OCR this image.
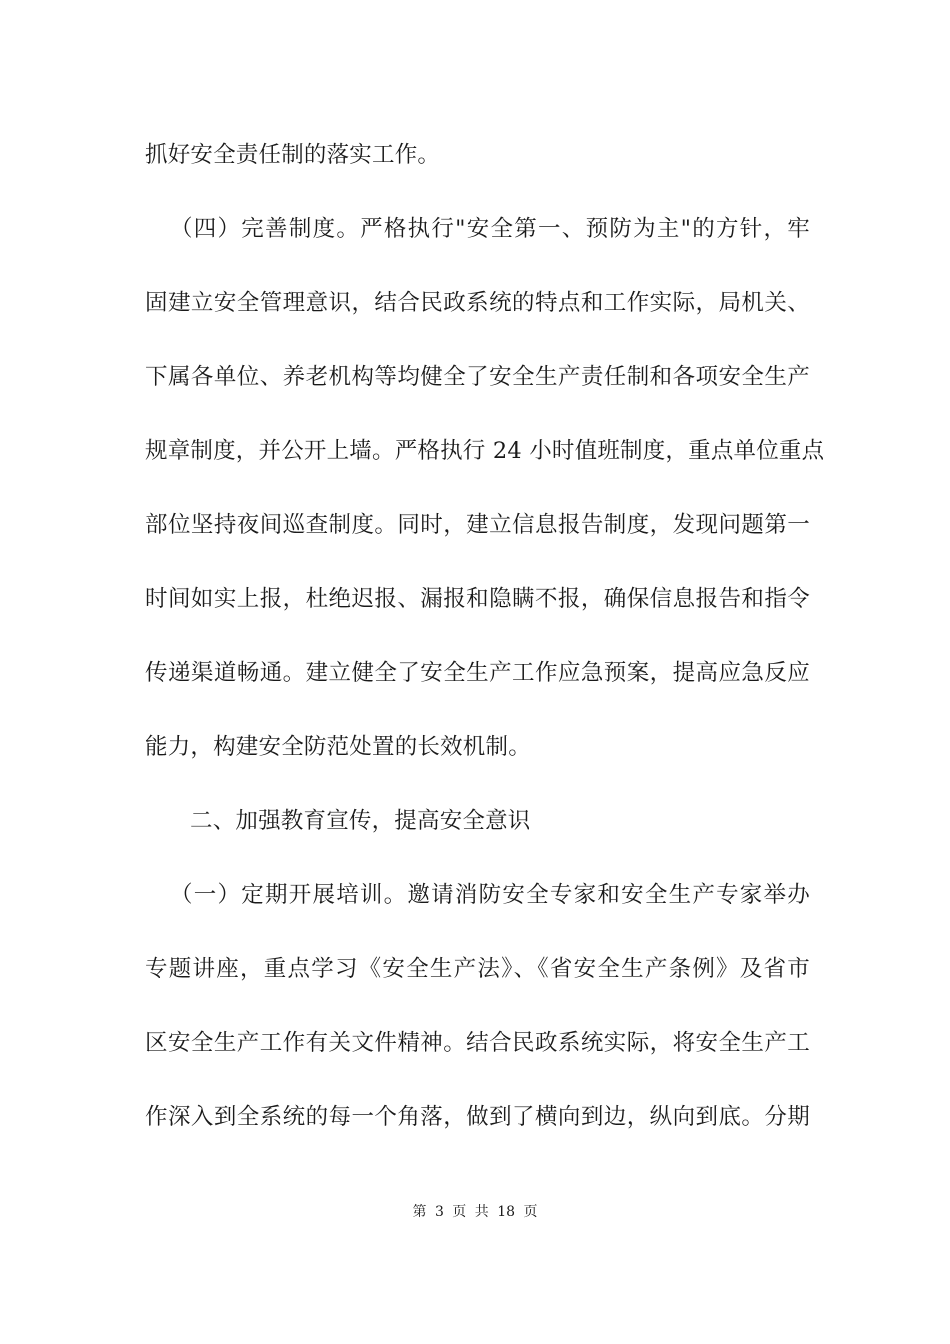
抓好安全责任制的落实工作。
（四）完善制度。严格执行"安全第一、预防为主"的方针，牢
固建立安全管理意识，结合民政系统的特点和工作实际，局机关、
下属各单位、养老机构等均健全了安全生产责任制和各项安全生产
规章制度，并公开上墙。严格执行 24 小时值班制度，重点单位重点
部位坚持夜间巡查制度。同时，建立信息报告制度，发现问题第一
时间如实上报，杜绝迟报、漏报和隐瞒不报，确保信息报告和指令
传递渠道畅通。建立健全了安全生产工作应急预案，提高应急反应
能力，构建安全防范处置的长效机制。
二、加强教育宣传，提高安全意识
（一）定期开展培训。邀请消防安全专家和安全生产专家举办
专题讲座，重点学习《安全生产法》、《省安全生产条例》及省市
区安全生产工作有关文件精神。结合民政系统实际，将安全生产工
作深入到全系统的每一个角落，做到了横向到边，纵向到底。分期
第 3 页 共 18 页
